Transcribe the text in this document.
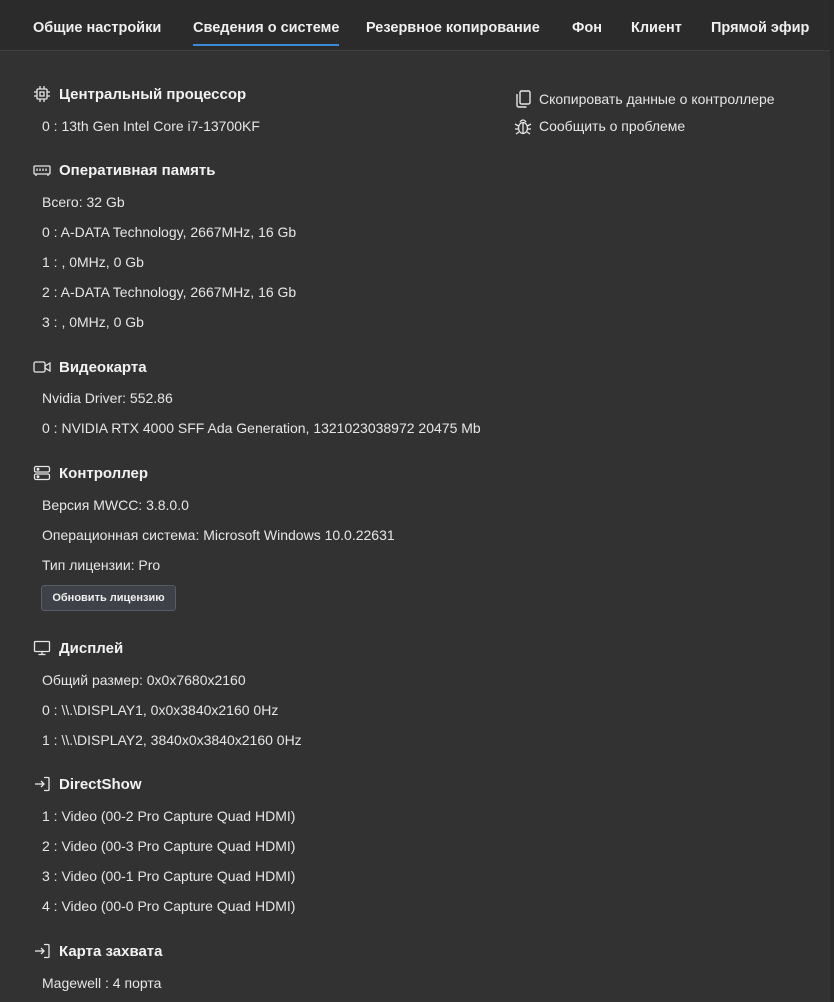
Общие настройки Сведения о системе Резервное копирование Фон Клиент Прямой эфир
Скопировать данные о контроллере
Сообщить о проблеме
Центральный процессор
0 : 13th Gen Intel Core i7-13700KF
Оперативная память
Всего: 32 Gb
0 : A-DATA Technology, 2667MHz, 16 Gb
1 : , 0MHz, 0 Gb
2 : A-DATA Technology, 2667MHz, 16 Gb
3 : , 0MHz, 0 Gb
Видеокарта
Nvidia Driver: 552.86
0 : NVIDIA RTX 4000 SFF Ada Generation, 1321023038972 20475 Mb
Контроллер
Версия MWCC: 3.8.0.0
Операционная система: Microsoft Windows 10.0.22631
Тип лицензии: Pro
Обновить лицензию
Дисплей
Общий размер: 0x0x7680x2160
0 : \\.\DISPLAY1, 0x0x3840x2160 0Hz
1 : \\.\DISPLAY2, 3840x0x3840x2160 0Hz
DirectShow
1 : Video (00-2 Pro Capture Quad HDMI)
2 : Video (00-3 Pro Capture Quad HDMI)
3 : Video (00-1 Pro Capture Quad HDMI)
4 : Video (00-0 Pro Capture Quad HDMI)
Карта захвата
Magewell : 4 порта
